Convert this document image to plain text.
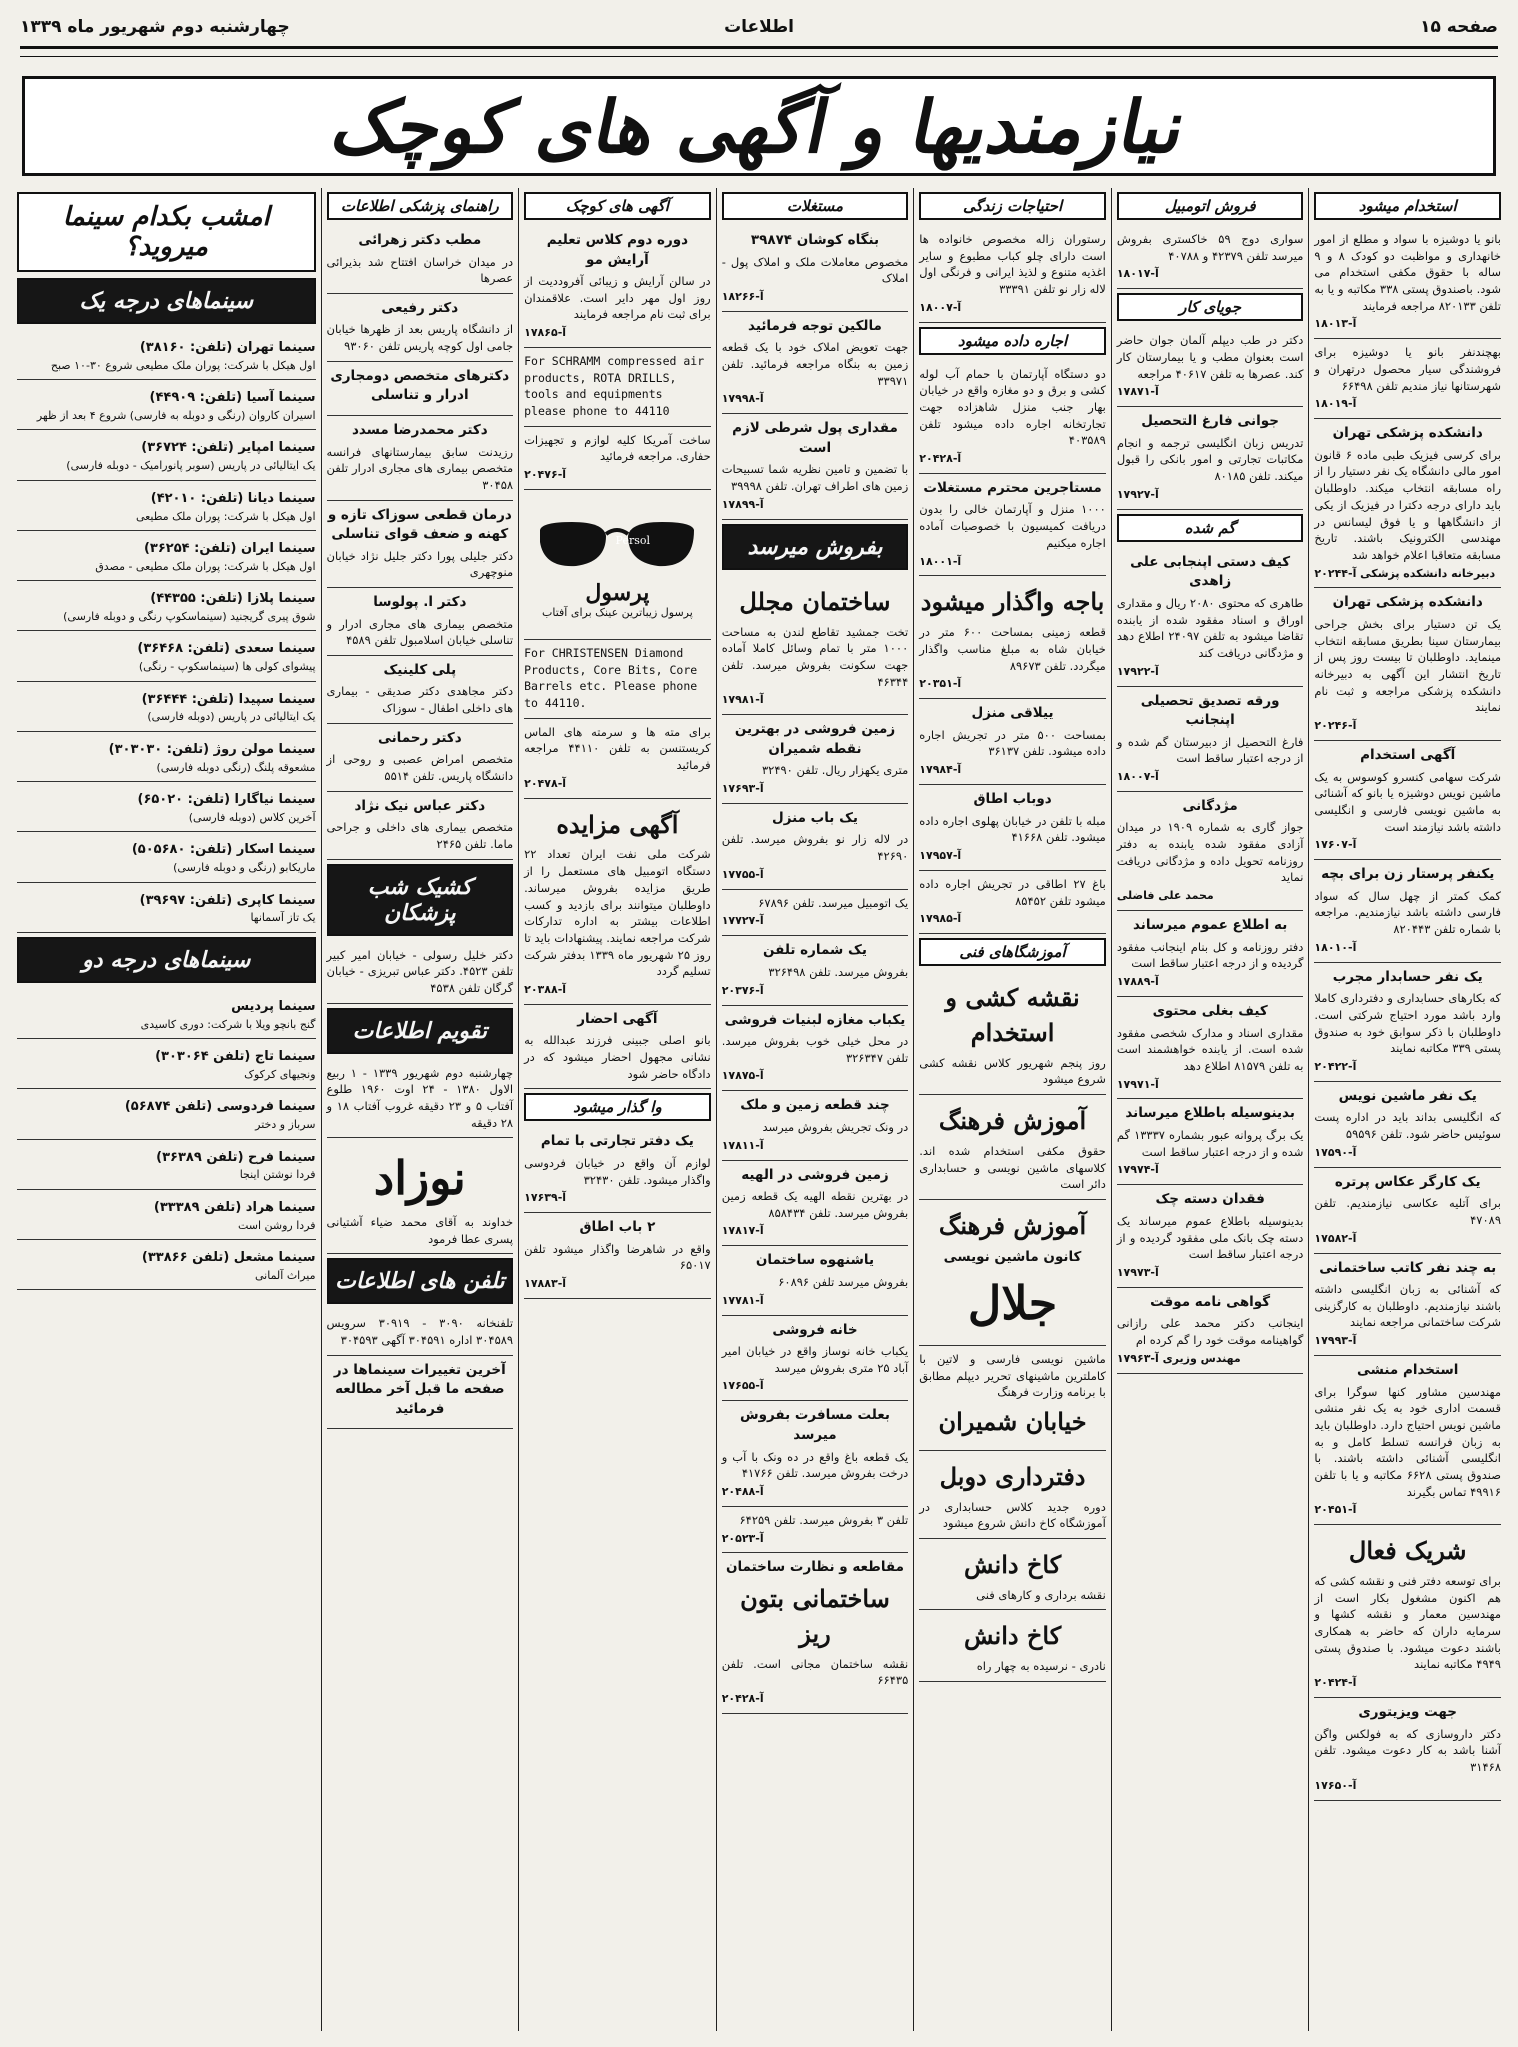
صفحه ۱۵
اطلاعات
چهارشنبه دوم شهریور ماه ۱۳۳۹
نیازمندیها و آگهی های کوچک
استخدام میشود
بانو یا دوشیزه با سواد و مطلع از امور خانهداری و مواظبت دو کودک ۸ و ۹ ساله با حقوق مکفی استخدام می شود. باصندوق پستی ۳۳۸ مکاتبه و یا به تلفن ۸۲۰۱۳۳ مراجعه فرمایند
آ-۱۸۰۱۳
بهچندنفر بانو یا دوشیزه برای فروشندگی سیار محصول درتهران و شهرستانها نیاز مندیم تلفن ۶۶۴۹۸
آ-۱۸۰۱۹
دانشکده پزشکی تهران
برای کرسی فیزیک طبی ماده ۶ قانون امور مالی دانشگاه یک نفر دستیار را از راه مسابقه انتخاب میکند. داوطلبان باید دارای درجه دکترا در فیزیک از یکی از دانشگاهها و یا فوق لیسانس در مهندسی الکترونیک باشند. تاریخ مسابقه متعاقبا اعلام خواهد شد
دبیرخانه دانشکده پزشکی آ-۲۰۲۴۴
دانشکده پزشکی تهران
یک تن دستیار برای بخش جراحی بیمارستان سینا بطریق مسابقه انتخاب مینماید. داوطلبان تا بیست روز پس از تاریخ انتشار این آگهی به دبیرخانه دانشکده پزشکی مراجعه و ثبت نام نمایند
آ-۲۰۲۴۶
آگهی استخدام
شرکت سهامی کنسرو کوسوس به یک ماشین نویس دوشیزه یا بانو که آشنائی به ماشین نویسی فارسی و انگلیسی داشته باشد نیازمند است
آ-۱۷۶۰۷
یکنفر پرستار زن برای بچه
کمک کمتر از چهل سال که سواد فارسی داشته باشد نیازمندیم. مراجعه با شماره تلفن ۸۲۰۴۴۳
آ-۱۸۰۱۰
یک نفر حسابدار مجرب
که بکارهای حسابداری و دفترداری کاملا وارد باشد مورد احتیاج شرکتی است. داوطلبان با ذکر سوابق خود به صندوق پستی ۳۳۹ مکاتبه نمایند
آ-۲۰۴۲۲
یک نفر ماشین نویس
که انگلیسی بداند باید در اداره پست سوئیس حاضر شود. تلفن ۵۹۵۹۶
آ-۱۷۵۹۰
یک کارگر عکاس پرتره
برای آتلیه عکاسی نیازمندیم. تلفن ۴۷۰۸۹
آ-۱۷۵۸۲
به چند نفر کاتب ساختمانی
که آشنائی به زبان انگلیسی داشته باشند نیازمندیم. داوطلبان به کارگزینی شرکت ساختمانی مراجعه نمایند
آ-۱۷۹۹۳
استخدام منشی
مهندسین مشاور کنها سوگرا برای قسمت اداری خود به یک نفر منشی ماشین نویس احتیاج دارد. داوطلبان باید به زبان فرانسه تسلط کامل و به انگلیسی آشنائی داشته باشند. با صندوق پستی ۶۶۲۸ مکاتبه و یا با تلفن ۴۹۹۱۶ تماس بگیرند
آ-۲۰۴۵۱
شریک فعال
برای توسعه دفتر فنی و نقشه کشی که هم اکنون مشغول بکار است از مهندسین معمار و نقشه کشها و سرمایه داران که حاضر به همکاری باشند دعوت میشود. با صندوق پستی ۴۹۴۹ مکاتبه نمایند
آ-۲۰۴۲۴
جهت ویزیتوری
دکتر داروسازی که به فولکس واگن آشنا باشد به کار دعوت میشود. تلفن ۳۱۴۶۸
آ-۱۷۶۵۰
فروش اتومبیل
سواری دوج ۵۹ خاکستری بفروش میرسد تلفن ۴۲۳۷۹ و ۴۰۷۸۸
آ-۱۸۰۱۷
جویای کار
دکتر در طب دیپلم آلمان جوان حاضر است بعنوان مطب و یا بیمارستان کار کند. عصرها به تلفن ۴۰۶۱۷ مراجعه
آ-۱۷۸۷۱
جوانی فارغ التحصیل
تدریس زبان انگلیسی ترجمه و انجام مکاتبات تجارتی و امور بانکی را قبول میکند. تلفن ۸۰۱۸۵
آ-۱۷۹۲۷
گم شده
کیف دستی اپنجابی علی زاهدی
طاهری که محتوی ۲۰۸۰ ریال و مقداری اوراق و اسناد مفقود شده از یابنده تقاضا میشود به تلفن ۲۴۰۹۷ اطلاع دهد و مژدگانی دریافت کند
آ-۱۷۹۲۲
ورقه تصدیق تحصیلی اپنجانب
فارغ التحصیل از دبیرستان گم شده و از درجه اعتبار ساقط است
آ-۱۸۰۰۷
مژدگانی
جواز گاری به شماره ۱۹۰۹ در میدان آزادی مفقود شده یابنده به دفتر روزنامه تحویل داده و مژدگانی دریافت نماید
محمد علی فاضلی
به اطلاع عموم میرساند
دفتر روزنامه و کل بنام اینجانب مفقود گردیده و از درجه اعتبار ساقط است
آ-۱۷۸۸۹
کیف بغلی محتوی
مقداری اسناد و مدارک شخصی مفقود شده است. از یابنده خواهشمند است به تلفن ۸۱۵۷۹ اطلاع دهد
آ-۱۷۹۷۱
بدینوسیله باطلاع میرساند
یک برگ پروانه عبور بشماره ۱۳۳۳۷ گم شده و از درجه اعتبار ساقط است
آ-۱۷۹۷۴
فقدان دسته چک
بدینوسیله باطلاع عموم میرساند یک دسته چک بانک ملی مفقود گردیده و از درجه اعتبار ساقط است
آ-۱۷۹۷۳
گواهی نامه موقت
اینجانب دکتر محمد علی رازانی گواهینامه موقت خود را گم کرده ام
مهندس وزیری آ-۱۷۹۶۳
احتیاجات زندگی
رستوران زاله مخصوص خانواده ها است دارای چلو کباب مطبوع و سایر اغذیه متنوع و لذیذ ایرانی و فرنگی اول لاله زار نو تلفن ۳۳۳۹۱
آ-۱۸۰۰۷
اجاره داده میشود
دو دستگاه آپارتمان با حمام آب لوله کشی و برق و دو مغازه واقع در خیابان بهار جنب منزل شاهزاده جهت تجارتخانه اجاره داده میشود تلفن ۴۰۳۵۸۹
آ-۲۰۴۲۸
مستاجرین محترم مستغلات
۱۰۰۰ منزل و آپارتمان خالی را بدون دریافت کمیسیون با خصوصیات آماده اجاره میکنیم
آ-۱۸۰۰۱
باجه واگذار میشود
قطعه زمینی بمساحت ۶۰۰ متر در خیابان شاه به مبلغ مناسب واگذار میگردد. تلفن ۸۹۶۷۳
آ-۲۰۳۵۱
ییلاقی منزل
بمساحت ۵۰۰ متر در تجریش اجاره داده میشود. تلفن ۳۶۱۳۷
آ-۱۷۹۸۴
دوباب اطاق
مبله با تلفن در خیابان پهلوی اجاره داده میشود. تلفن ۴۱۶۶۸
آ-۱۷۹۵۷
باغ ۲۷ اطاقی در تجریش اجاره داده میشود تلفن ۸۵۴۵۲
آ-۱۷۹۸۵
آموزشگاهای فنی
نقشه کشی و استخدام
روز پنجم شهریور کلاس نقشه کشی شروع میشود
آموزش فرهنگ
حقوق مکفی استخدام شده اند. کلاسهای ماشین نویسی و حسابداری دائر است
آموزش فرهنگ
کانون ماشین نویسی
جلال
ماشین نویسی فارسی و لاتین با کاملترین ماشینهای تحریر دیپلم مطابق با برنامه وزارت فرهنگ
خیابان شمیران
دفترداری دوبل
دوره جدید کلاس حسابداری در آموزشگاه کاخ دانش شروع میشود
کاخ دانش
نقشه برداری و کارهای فنی
کاخ دانش
نادری - نرسیده به چهار راه
مستغلات
بنگاه کوشان ۳۹۸۷۴
مخصوص معاملات ملک و املاک پول - املاک
آ-۱۸۲۶۶
مالکین توجه فرمائید
جهت تعویض املاک خود با یک قطعه زمین به بنگاه مراجعه فرمائید. تلفن ۳۳۹۷۱
آ-۱۷۹۹۸
مقداری پول شرطی لازم است
با تضمین و تامین نظریه شما تسبیحات زمین های اطراف تهران. تلفن ۳۹۹۹۸
آ-۱۷۸۹۹
بفروش میرسد
ساختمان مجلل
تخت جمشید تقاطع لندن به مساحت ۱۰۰۰ متر با تمام وسائل کاملا آماده جهت سکونت بفروش میرسد. تلفن ۴۶۳۴۴
آ-۱۷۹۸۱
زمین فروشی در بهترین نقطه شمیران
متری یکهزار ریال. تلفن ۳۲۴۹۰
آ-۱۷۶۹۳
یک باب منزل
در لاله زار نو بفروش میرسد. تلفن ۴۲۶۹۰
آ-۱۷۷۵۵
یک اتومبیل میرسد. تلفن ۶۷۸۹۶
آ-۱۷۷۲۷
یک شماره تلفن
بفروش میرسد. تلفن ۳۲۶۴۹۸
آ-۲۰۳۷۶
یکباب مغازه لبنیات فروشی
در محل خیلی خوب بفروش میرسد. تلفن ۳۲۶۳۴۷
آ-۱۷۸۷۵
چند قطعه زمین و ملک
در ونک تجریش بفروش میرسد
آ-۱۷۸۱۱
زمین فروشی در الهیه
در بهترین نقطه الهیه یک قطعه زمین بفروش میرسد. تلفن ۸۵۸۴۳۴
آ-۱۷۸۱۷
یاشنهوه ساختمان
بفروش میرسد تلفن ۶۰۸۹۶
آ-۱۷۷۸۱
خانه فروشی
یکباب خانه نوساز واقع در خیابان امیر آباد ۲۵ متری بفروش میرسد
آ-۱۷۶۵۵
بعلت مسافرت بفروش میرسد
یک قطعه باغ واقع در ده ونک با آب و درخت بفروش میرسد. تلفن ۴۱۷۶۶
آ-۲۰۴۸۸
تلفن ۳ بفروش میرسد. تلفن ۶۴۲۵۹
آ-۲۰۵۲۳
مقاطعه و نظارت ساختمان
ساختمانی بتون ریز
نقشه ساختمان مجانی است. تلفن ۶۶۴۳۵
آ-۲۰۴۲۸
آگهی های کوچک
دوره دوم کلاس تعلیم آرایش مو
در سالن آرایش و زیبائی آفروددیت از روز اول مهر دایر است. علاقمندان برای ثبت نام مراجعه فرمایند
آ-۱۷۸۶۵
For SCHRAMM compressed air products, ROTA DRILLS, tools and equipments please phone to 44110
ساخت آمریکا کلیه لوازم و تجهیزات حفاری. مراجعه فرمائید
آ-۲۰۴۷۶
Persol
پرسول
پرسول زیباترین عینک برای آفتاب
For CHRISTENSEN Diamond Products, Core Bits, Core Barrels etc. Please phone to 44110.
برای مته ها و سرمته های الماس کریستنسن به تلفن ۴۴۱۱۰ مراجعه فرمائید
آ-۲۰۴۷۸
آگهی مزایده
شرکت ملی نفت ایران تعداد ۲۲ دستگاه اتومبیل های مستعمل را از طریق مزایده بفروش میرساند. داوطلبان میتوانند برای بازدید و کسب اطلاعات بیشتر به اداره تدارکات شرکت مراجعه نمایند. پیشنهادات باید تا روز ۲۵ شهریور ماه ۱۳۳۹ بدفتر شرکت تسلیم گردد
آ-۲۰۳۸۸
آگهی احضار
بانو اصلی جبینی فرزند عبدالله به نشانی مجهول احضار میشود که در دادگاه حاضر شود
وا گذار میشود
یک دفتر تجارتی با تمام
لوازم آن واقع در خیابان فردوسی واگذار میشود. تلفن ۳۲۴۳۰
آ-۱۷۶۳۹
۲ باب اطاق
واقع در شاهرضا واگذار میشود تلفن ۶۵۰۱۷
آ-۱۷۸۸۳
راهنمای پزشکی اطلاعات
مطب دکتر زهرائی
در میدان خراسان افتتاح شد بذیرائی عصرها
دکتر رفیعی
از دانشگاه پاریس بعد از ظهرها خیابان جامی اول کوچه پاریس تلفن ۹۳۰۶۰
دکترهای متخصص دومجاری ادرار و تناسلی
دکتر محمدرضا مسدد
رزیدنت سابق بیمارستانهای فرانسه متخصص بیماری های مجاری ادرار تلفن ۳۰۴۵۸
درمان قطعی سوزاک تازه و کهنه و ضعف قوای تناسلی
دکتر جلیلی پورا دکتر جلیل نژاد خیابان منوچهری
دکتر ا. پولوسا
متخصص بیماری های مجاری ادرار و تناسلی خیابان اسلامبول تلفن ۴۵۸۹
پلی کلینیک
دکتر مجاهدی دکتر صدیقی - بیماری های داخلی اطفال - سوزاک
دکتر رحمانی
متخصص امراض عصبی و روحی از دانشگاه پاریس. تلفن ۵۵۱۴
دکتر عباس نیک نژاد
متخصص بیماری های داخلی و جراحی ماما. تلفن ۲۴۶۵
کشیک شب پزشکان
دکتر خلیل رسولی - خیابان امیر کبیر تلفن ۴۵۲۳. دکتر عباس تبریزی - خیابان گرگان تلفن ۴۵۳۸
تقویم اطلاعات
چهارشنبه دوم شهریور ۱۳۳۹ - ۱ ربیع الاول ۱۳۸۰ - ۲۴ اوت ۱۹۶۰ طلوع آفتاب ۵ و ۲۳ دقیقه غروب آفتاب ۱۸ و ۲۸ دقیقه
نوزاد
خداوند به آقای محمد ضیاء آشتیانی پسری عطا فرمود
تلفن های اطلاعات
تلفنخانه ۳۰۹۰ - ۳۰۹۱۹ سرویس ۳۰۴۵۸۹ اداره ۳۰۴۵۹۱ آگهی ۳۰۴۵۹۳
آخرین تغییرات سینماها در صفحه ما قبل آخر مطالعه فرمائید
امشب بکدام سینما میروید؟
سینماهای درجه یک
سینما تهران (تلفن: ۳۸۱۶۰)
اول هیکل با شرکت: پوران ملک مطیعی شروع ۳۰-۱۰ صبح
سینما آسیا (تلفن: ۴۴۹۰۹)
اسیران کاروان (رنگی و دوبله به فارسی) شروع ۴ بعد از ظهر
سینما امپایر (تلفن: ۳۶۷۲۴)
یک ایتالیائی در پاریس (سوبر پانورامیک - دوبله فارسی)
سینما دیانا (تلفن: ۴۲۰۱۰)
اول هیکل با شرکت: پوران ملک مطیعی
سینما ایران (تلفن: ۳۶۲۵۴)
اول هیکل با شرکت: پوران ملک مطیعی - مصدق
سینما پلازا (تلفن: ۴۴۳۵۵)
شوق پیری گریجنید (سینماسکوپ رنگی و دوبله فارسی)
سینما سعدی (تلفن: ۳۶۴۶۸)
پیشوای کولی ها (سینماسکوپ - رنگی)
سینما سپیدا (تلفن: ۳۶۴۴۴)
یک ایتالیائی در پاریس (دوبله فارسی)
سینما مولن روژ (تلفن: ۳۰۳۰۳۰)
مشعوقه پلنگ (رنگی دوبله فارسی)
سینما نیاگارا (تلفن: ۶۵۰۲۰)
آخرین کلاس (دوبله فارسی)
سینما اسکار (تلفن: ۵۰۵۶۸۰)
ماریکابو (رنگی و دوبله فارسی)
سینما کاپری (تلفن: ۳۹۶۹۷)
یک تاز آسمانها
سینماهای درجه دو
سینما پردیس
گنج بانچو ویلا با شرکت: دوری کاسیدی
سینما تاج (تلفن ۳۰۳۰۶۴)
ونجیهای کرکوک
سینما فردوسی (تلفن ۵۶۸۷۴)
سرباز و دختر
سینما فرح (تلفن ۳۶۳۸۹)
فردا نوشتن اینجا
سینما هراد (تلفن ۳۳۳۸۹)
فردا روشن است
سینما مشعل (تلفن ۳۳۸۶۶)
میراث آلمانی
